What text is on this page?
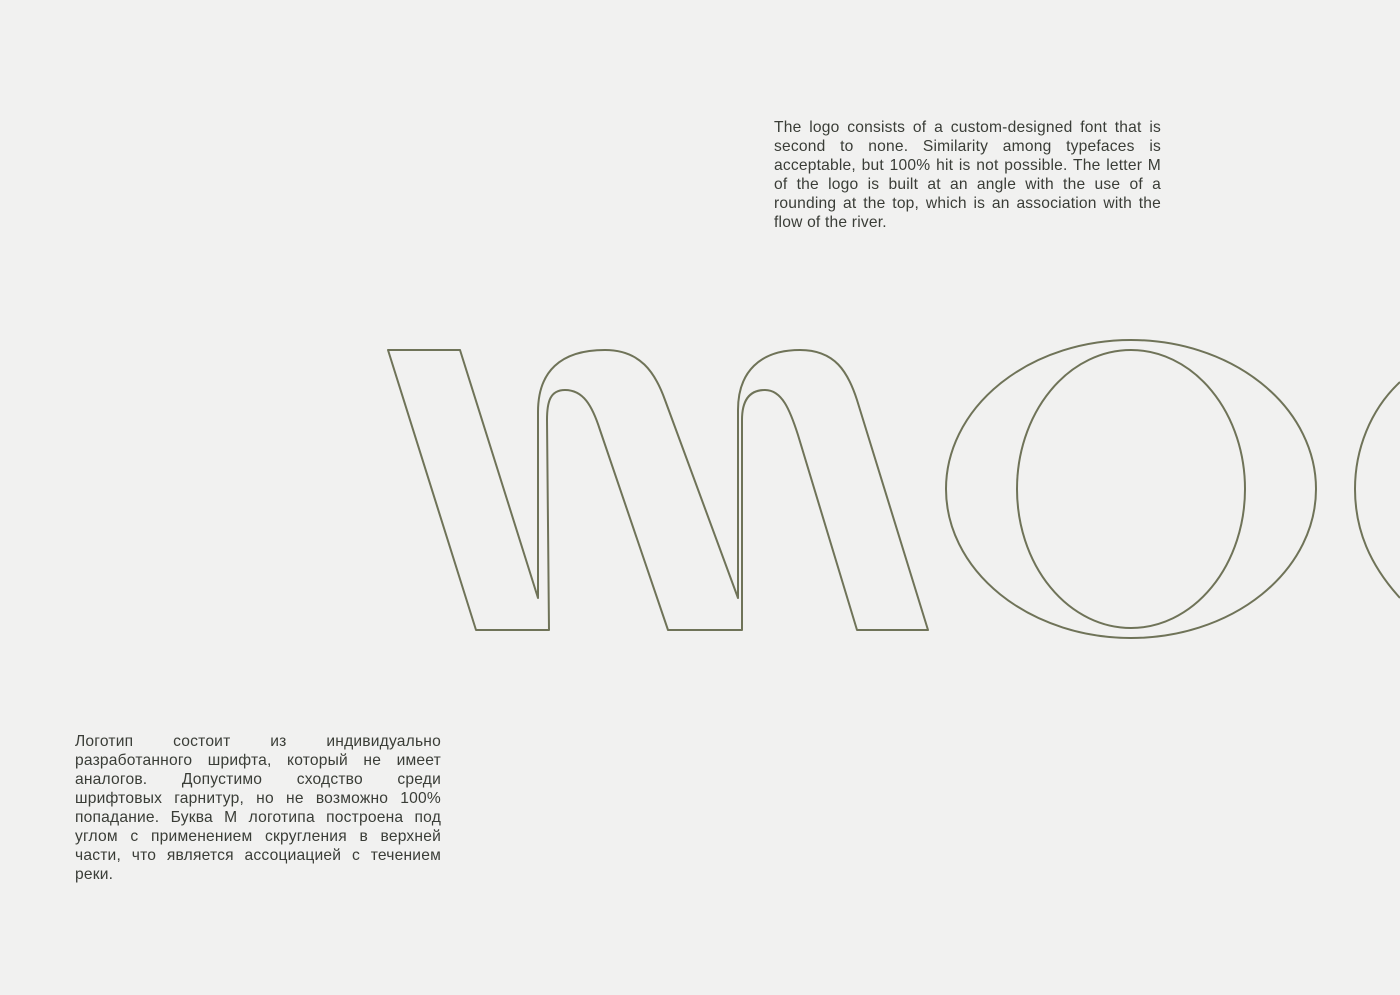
The logo consists of a custom-designed font that is second to none. Similarity among typefaces is acceptable, but 100% hit is not possible. The letter M of the logo is built at an angle with the use of a rounding at the top, which is an association with the flow of the river.

Логотип состоит из индивидуально разработанного шрифта, который не имеет аналогов. Допустимо сходство среди шрифтовых гарнитур, но не возможно 100% попадание. Буква М логотипа построена под углом с применением скругления в верхней части, что является ассоциацией с течением реки.
